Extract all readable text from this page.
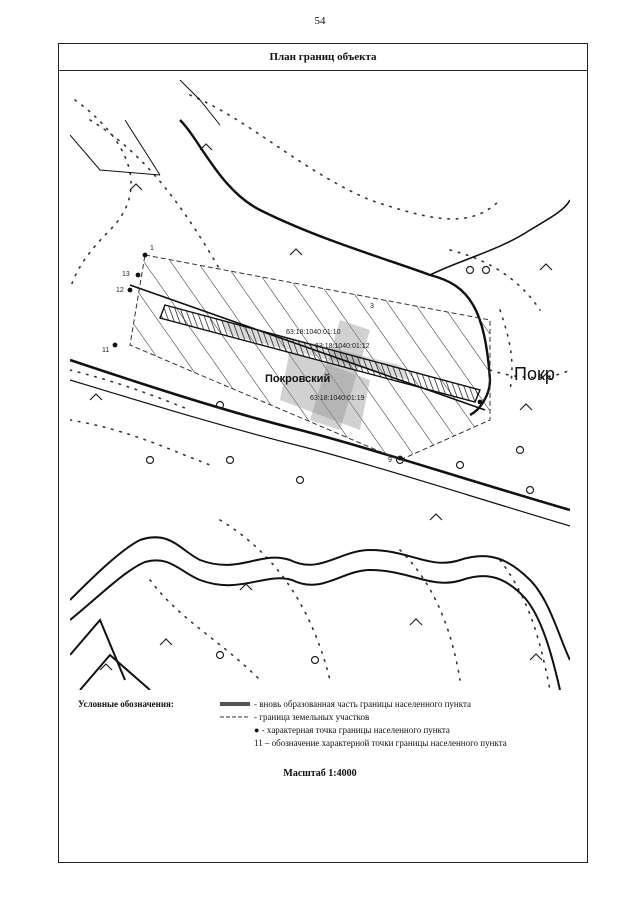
54
План границ объекта
Покровский	Покр
63:18:1040:01:10
63:18:1040:01:12
63:18:1040:01:19
1
3
9
11
12
13
Условные обозначения:	- вновь образованная часть границы населенного пункта
- граница земельных участков
● - характерная точка границы населенного пункта
11 – обозначение характерной точки границы населенного пункта
Масштаб 1:4000
